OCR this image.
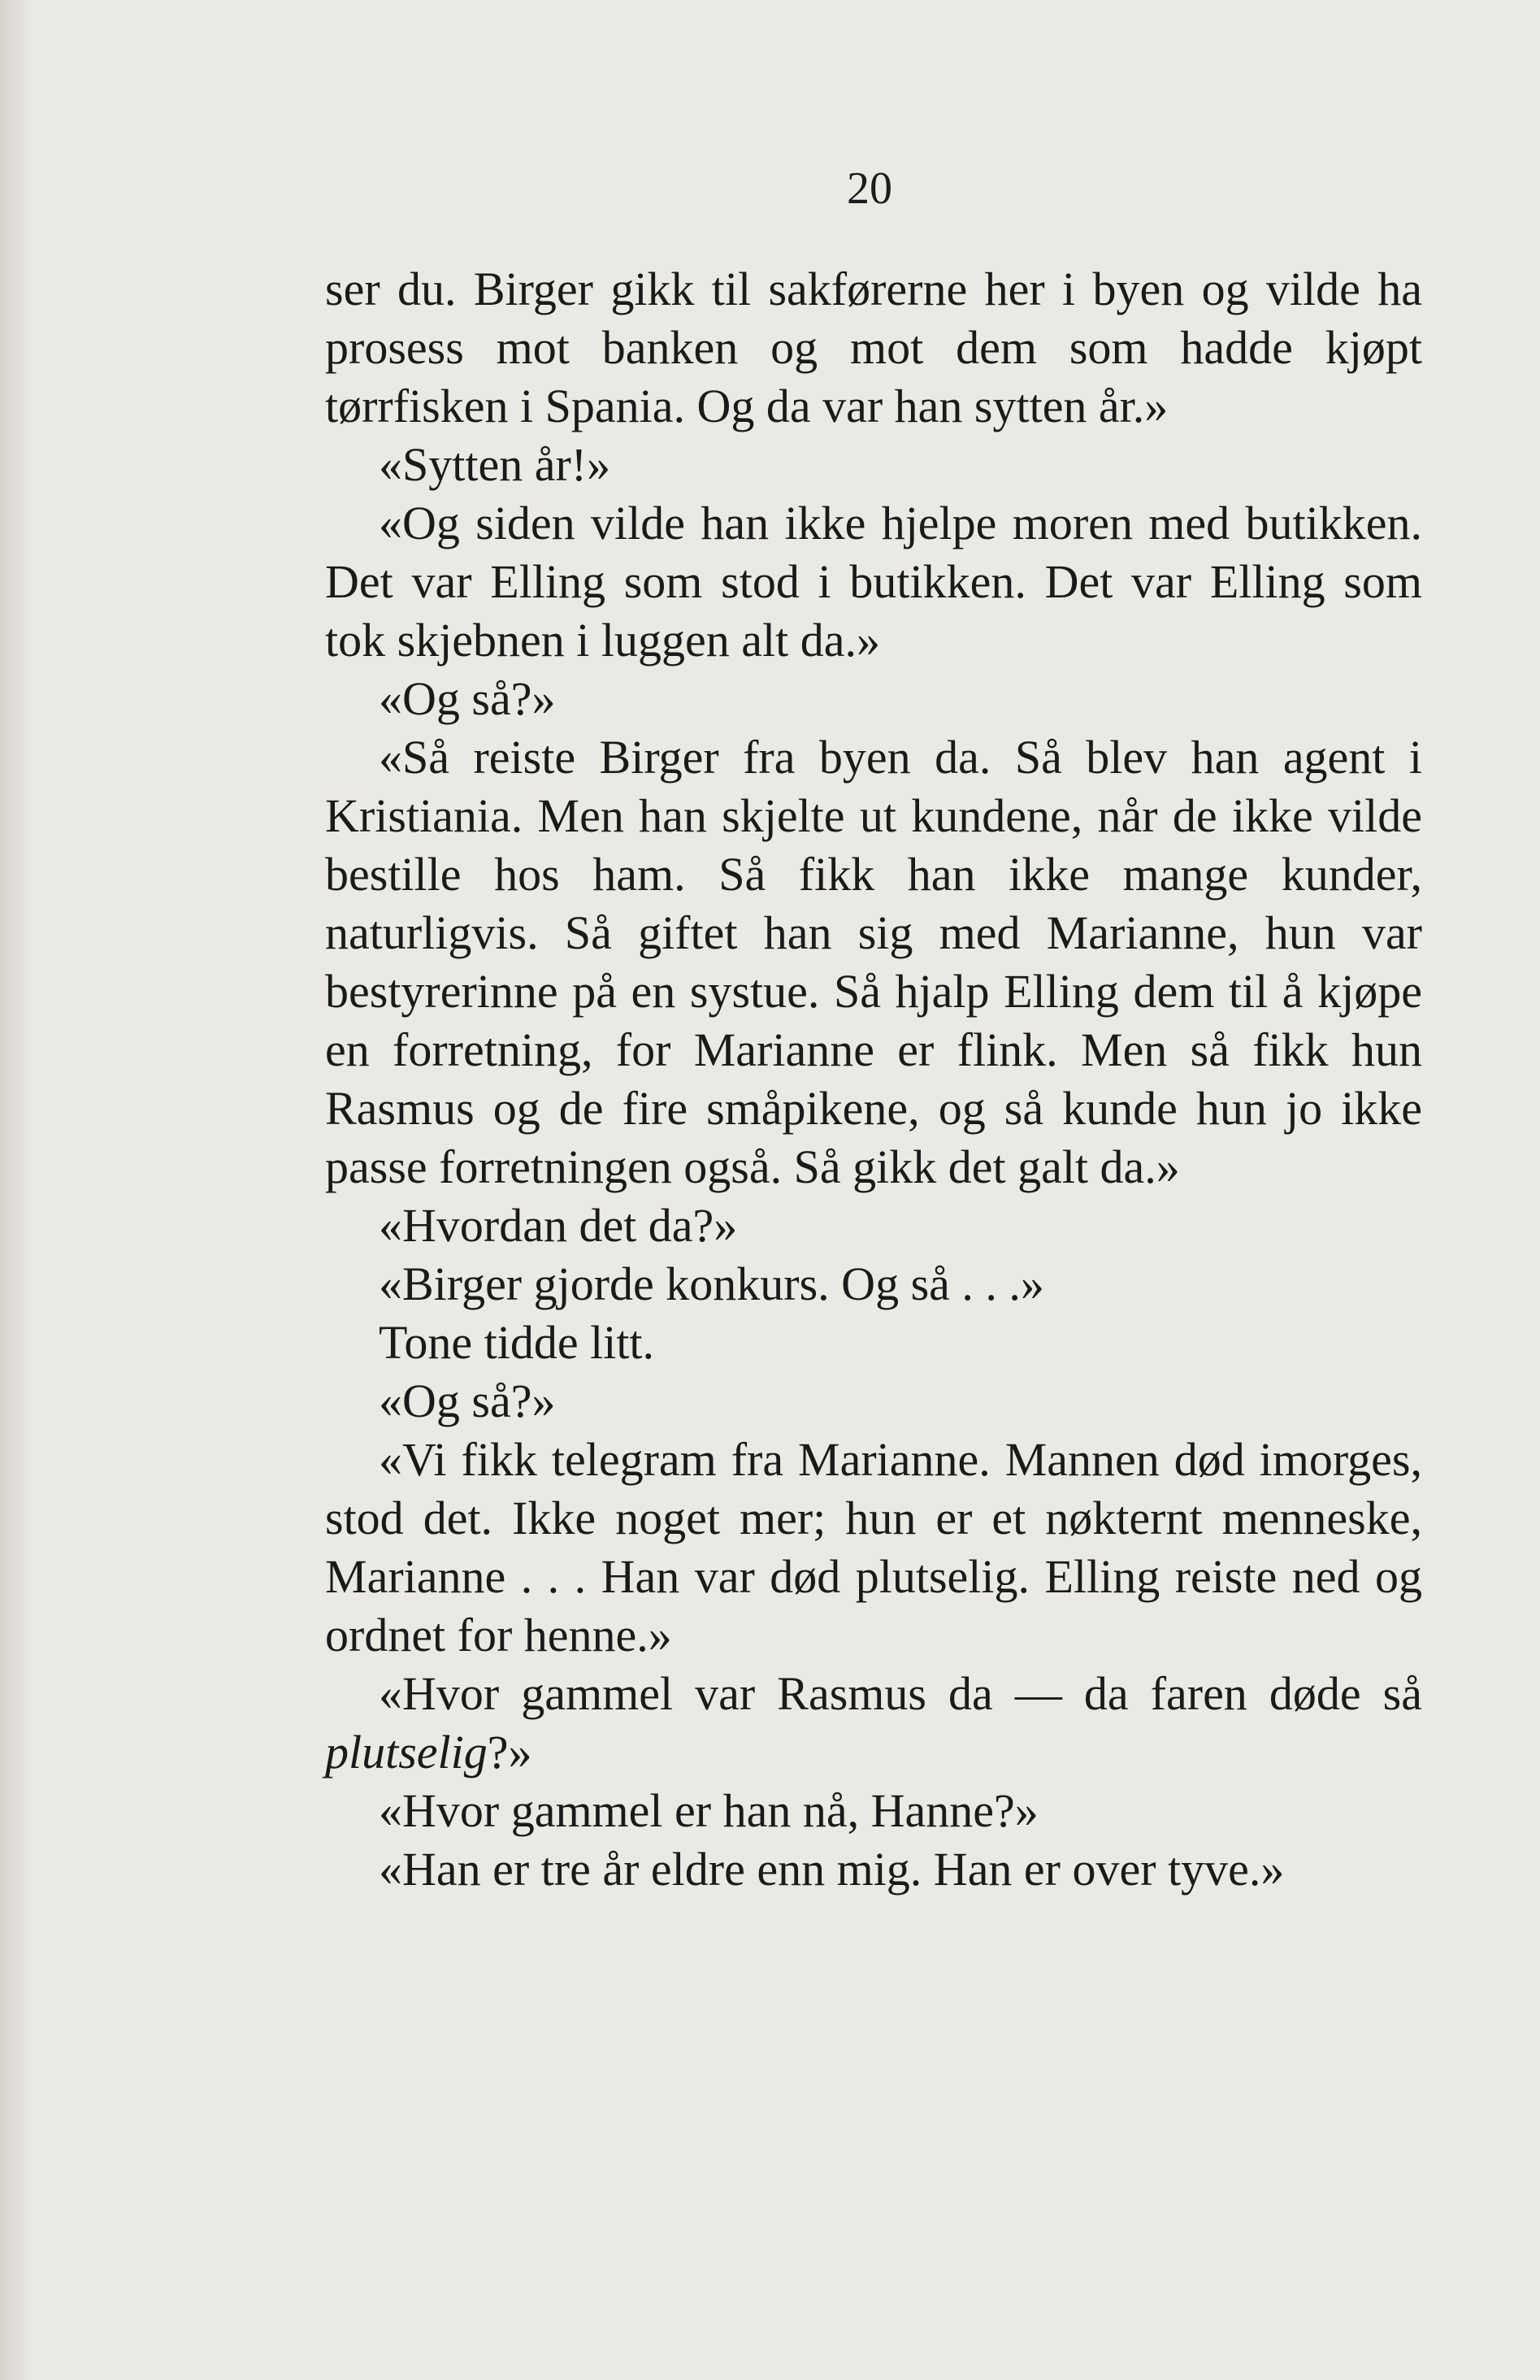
20

ser du. Birger gikk til sakførerne her i byen og vilde ha prosess mot banken og mot dem som hadde kjøpt tørrfisken i Spania. Og da var han sytten år.»

«Sytten år!»

«Og siden vilde han ikke hjelpe moren med butikken. Det var Elling som stod i butikken. Det var Elling som tok skjebnen i luggen alt da.»

«Og så?»

«Så reiste Birger fra byen da. Så blev han agent i Kristiania. Men han skjelte ut kundene, når de ikke vilde bestille hos ham. Så fikk han ikke mange kunder, naturligvis. Så giftet han sig med Marianne, hun var bestyrerinne på en systue. Så hjalp Elling dem til å kjøpe en forretning, for Marianne er flink. Men så fikk hun Rasmus og de fire småpikene, og så kunde hun jo ikke passe forretningen også. Så gikk det galt da.»

«Hvordan det da?»

«Birger gjorde konkurs. Og så . . .»

Tone tidde litt.

«Og så?»

«Vi fikk telegram fra Marianne. Mannen død imorges, stod det. Ikke noget mer; hun er et nøkternt menneske, Marianne . . . Han var død plutselig. Elling reiste ned og ordnet for henne.»

«Hvor gammel var Rasmus da — da faren døde så plutselig?»

«Hvor gammel er han nå, Hanne?»

«Han er tre år eldre enn mig. Han er over tyve.»
